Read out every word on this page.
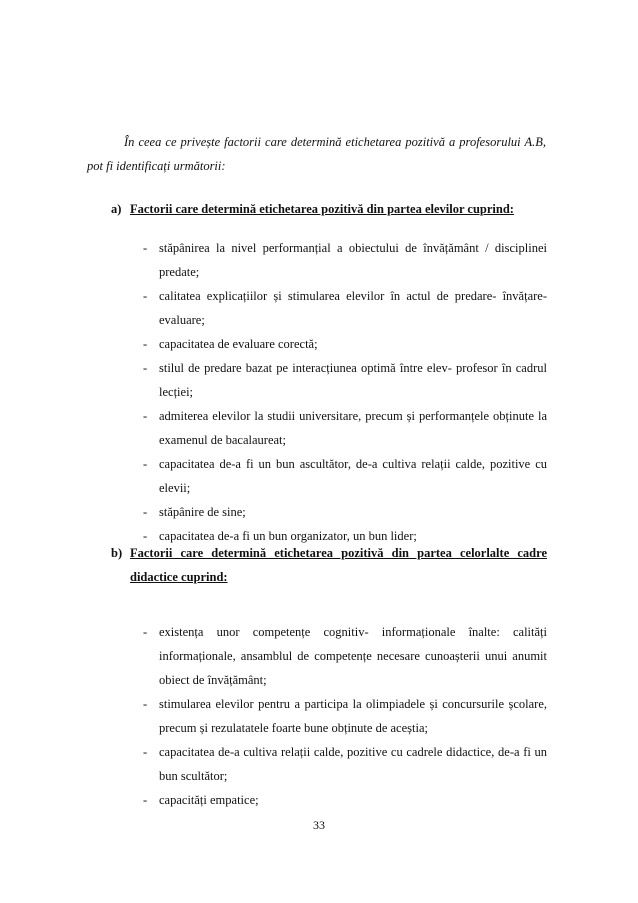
În ceea ce privește factorii care determină etichetarea pozitivă a profesorului A.B, pot fi identificați următorii:

a) Factorii care determină etichetarea pozitivă din partea elevilor cuprind:
- stăpânirea la nivel performanțial a obiectului de învățământ / disciplinei predate;
- calitatea explicațiilor și stimularea elevilor în actul de predare- învățare- evaluare;
- capacitatea de evaluare corectă;
- stilul de predare bazat pe interacțiunea optimă între elev- profesor în cadrul lecției;
- admiterea elevilor la studii universitare, precum și performanțele obținute la examenul de bacalaureat;
- capacitatea de-a fi un bun ascultător, de-a cultiva relații calde, pozitive cu elevii;
- stăpânire de sine;
- capacitatea de-a fi un bun organizator, un bun lider;
b) Factorii care determină etichetarea pozitivă din partea celorlalte cadre didactice cuprind:
- existența unor competențe cognitiv- informaționale înalte: calități informaționale, ansamblul de competențe necesare cunoașterii unui anumit obiect de învățământ;
- stimularea elevilor pentru a participa la olimpiadele și concursurile școlare, precum și rezulatatele foarte bune obținute de aceștia;
- capacitatea de-a cultiva relații calde, pozitive cu cadrele didactice, de-a fi un bun scultător;
- capacități empatice;
33
